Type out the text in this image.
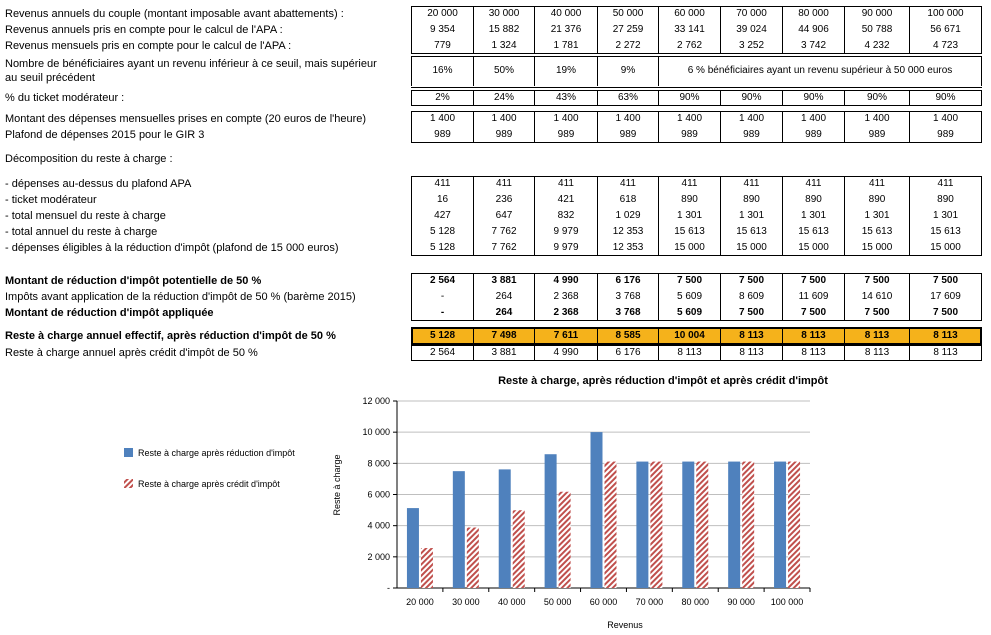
Revenus annuels du couple (montant imposable avant abattements) :	20 000	30 000	40 000	50 000	60 000	70 000	80 000	90 000	100 000
Revenus annuels pris en compte pour le calcul de l'APA :	9 354	15 882	21 376	27 259	33 141	39 024	44 906	50 788	56 671
Revenus mensuels pris en compte pour le calcul de l'APA :	779	1 324	1 781	2 272	2 762	3 252	3 742	4 232	4 723
Nombre de bénéficiaires ayant un revenu inférieur à ce seuil, mais supérieur
au seuil précédent
16%	50%	19%	9%	6 % bénéficiaires ayant un revenu supérieur à 50 000 euros
% du ticket modérateur :	2%	24%	43%	63%	90%	90%	90%	90%	90%
Montant des dépenses mensuelles prises en compte (20 euros de l'heure)	1 400	1 400	1 400	1 400	1 400	1 400	1 400	1 400	1 400
Plafond de dépenses 2015 pour le GIR 3	989	989	989	989	989	989	989	989	989
Décomposition du reste à charge :
- dépenses au-dessus du plafond APA	411	411	411	411	411	411	411	411	411
- ticket modérateur	16	236	421	618	890	890	890	890	890
- total mensuel du reste à charge	427	647	832	1 029	1 301	1 301	1 301	1 301	1 301
- total annuel du reste à charge	5 128	7 762	9 979	12 353	15 613	15 613	15 613	15 613	15 613
- dépenses éligibles à la réduction d'impôt (plafond de 15 000 euros)	5 128	7 762	9 979	12 353	15 000	15 000	15 000	15 000	15 000
Montant de réduction d'impôt potentielle de 50 %	2 564	3 881	4 990	6 176	7 500	7 500	7 500	7 500	7 500
Impôts avant application de la réduction d'impôt de 50 % (barème 2015)	-	264	2 368	3 768	5 609	8 609	11 609	14 610	17 609
Montant de réduction d'impôt appliquée	-	264	2 368	3 768	5 609	7 500	7 500	7 500	7 500
Reste à charge annuel effectif, après réduction d'impôt de 50 %	5 128	7 498	7 611	8 585	10 004	8 113	8 113	8 113	8 113
Reste à charge annuel après crédit d'impôt de 50 %	2 564	3 881	4 990	6 176	8 113	8 113	8 113	8 113	8 113
Reste à charge, après réduction d'impôt et après crédit d'impôt
Revenus
Reste à charge
-
2 000
4 000
6 000
8 000
10 000
12 000
20 000 30 000 40 000 50 000 60 000 70 000 80 000 90 000 100 000
Reste à charge après réduction d'impôt
Reste à charge après crédit d'impôt
